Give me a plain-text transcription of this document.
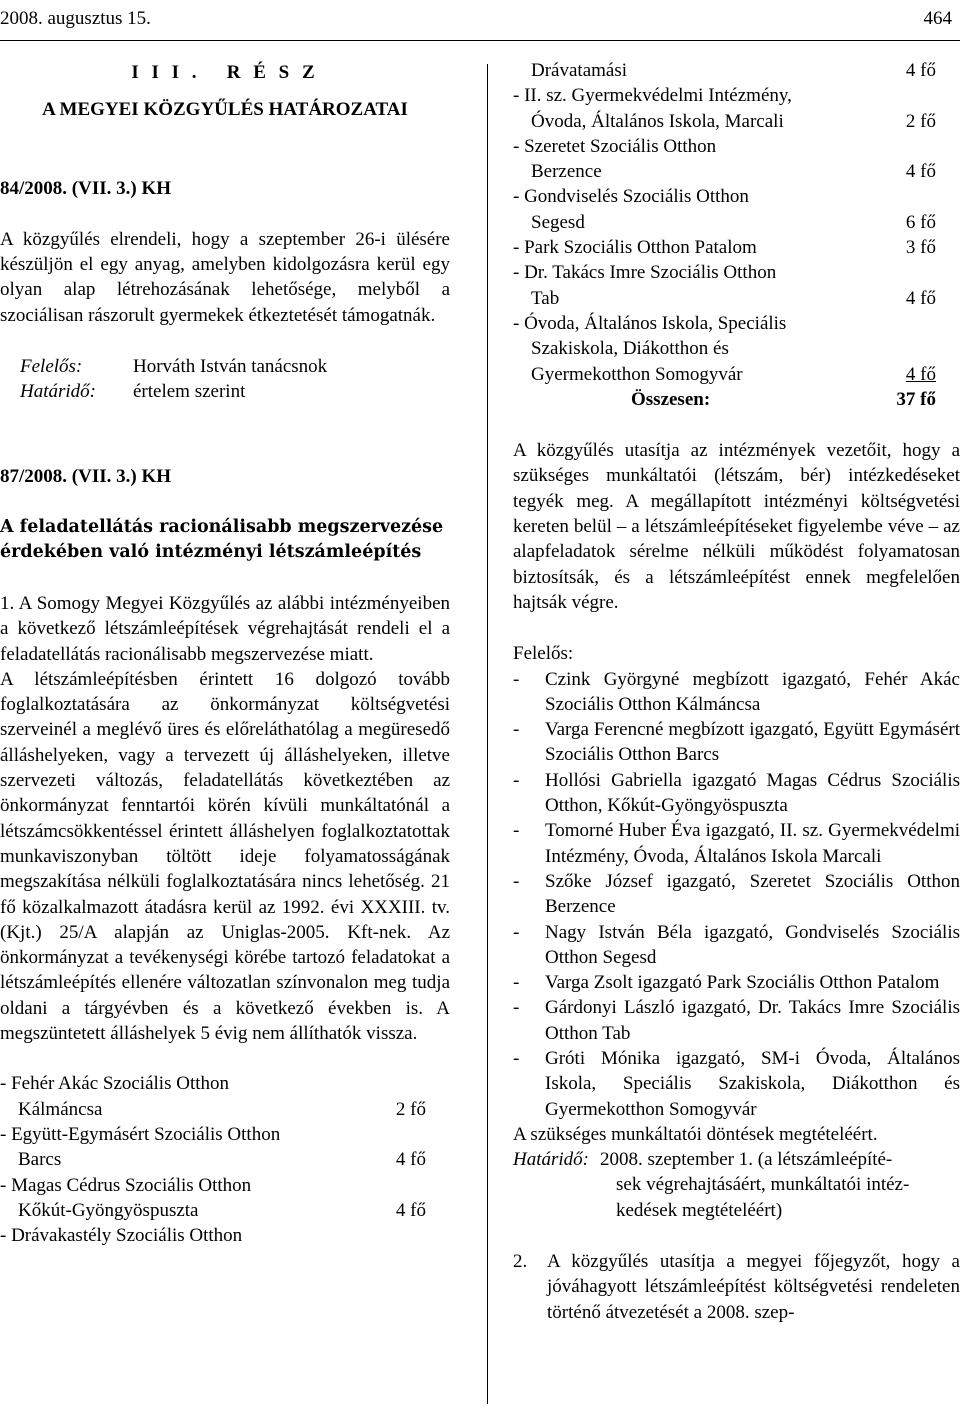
2008. augusztus 15.	464

I I I .   R É S Z

A MEGYEI KÖZGYŰLÉS HATÁROZATAI

84/2008. (VII. 3.) KH

A közgyűlés elrendeli, hogy a szeptember 26-i ülésére készüljön el egy anyag, amelyben kidolgozásra kerül egy olyan alap létrehozásának lehetősége, melyből a szociálisan rászorult gyermekek étkeztetését támogatnák.

Felelős:	Horváth István tanácsnok
Határidő:	értelem szerint

87/2008. (VII. 3.) KH

A feladatellátás racionálisabb megszervezése érdekében való intézményi létszámleépítés

1. A Somogy Megyei Közgyűlés az alábbi intézményeiben a következő létszámleépítések végrehajtását rendeli el a feladatellátás racionálisabb megszervezése miatt.

A létszámleépítésben érintett 16 dolgozó tovább foglalkoztatására az önkormányzat költségvetési szerveinél a meglévő üres és előreláthatólag a megüresedő álláshelyeken, vagy a tervezett új álláshelyeken, illetve szervezeti változás, feladatellátás következtében az önkormányzat fenntartói körén kívüli munkáltatónál a létszámcsökkentéssel érintett álláshelyen foglalkoztatottak munkaviszonyban töltött ideje folyamatosságának megszakítása nélküli foglalkoztatására nincs lehetőség. 21 fő közalkalmazott átadásra kerül az 1992. évi XXXIII. tv. (Kjt.) 25/A alapján az Uniglas-2005. Kft-nek. Az önkormányzat a tevékenységi körébe tartozó feladatokat a létszámleépítés ellenére változatlan színvonalon meg tudja oldani a tárgyévben és a következő években is. A megszüntetett álláshelyek 5 évig nem állíthatók vissza.

- Fehér Akác Szociális Otthon
Kálmáncsa	2 fő
- Együtt-Egymásért Szociális Otthon
Barcs	4 fő
- Magas Cédrus Szociális Otthon
Kőkút-Gyöngyöspuszta	4 fő
- Drávakastély Szociális Otthon
Drávatamási	4 fő
- II. sz. Gyermekvédelmi Intézmény,
Óvoda, Általános Iskola, Marcali	2 fő
- Szeretet Szociális Otthon
Berzence	4 fő
- Gondviselés Szociális Otthon
Segesd	6 fő
- Park Szociális Otthon Patalom	3 fő
- Dr. Takács Imre Szociális Otthon
Tab	4 fő
- Óvoda, Általános Iskola, Speciális
Szakiskola, Diákotthon és
Gyermekotthon Somogyvár	4 fő
Összesen:	37 fő

A közgyűlés utasítja az intézmények vezetőit, hogy a szükséges munkáltatói (létszám, bér) intézkedéseket tegyék meg. A megállapított intézményi költségvetési kereten belül – a létszámleépítéseket figyelembe véve – az alapfeladatok sérelme nélküli működést folyamatosan biztosítsák, és a létszámleépítést ennek megfelelően hajtsák végre.

Felelős:

-	Czink Györgyné megbízott igazgató, Fehér Akác Szociális Otthon Kálmáncsa
-	Varga Ferencné megbízott igazgató, Együtt Egymásért Szociális Otthon Barcs
-	Hollósi Gabriella igazgató Magas Cédrus Szociális Otthon, Kőkút-Gyöngyöspuszta
-	Tomorné Huber Éva igazgató, II. sz. Gyermekvédelmi Intézmény, Óvoda, Általános Iskola Marcali
-	Szőke József igazgató, Szeretet Szociális Otthon Berzence
-	Nagy István Béla igazgató, Gondviselés Szociális Otthon Segesd
-	Varga Zsolt igazgató Park Szociális Otthon Patalom
-	Gárdonyi László igazgató, Dr. Takács Imre Szociális Otthon Tab
-	Gróti Mónika igazgató, SM-i Óvoda, Általános Iskola, Speciális Szakiskola, Diákotthon és Gyermekotthon Somogyvár

A szükséges munkáltatói döntések megtételéért.

Határidő: 2008. szeptember 1. (a létszámleépíté-
sek végrehajtásáért, munkáltatói intéz-
kedések megtételéért)
2.	A közgyűlés utasítja a megyei főjegyzőt, hogy a jóváhagyott létszámleépítést költségvetési rendeleten történő átvezetését a 2008. szep-
